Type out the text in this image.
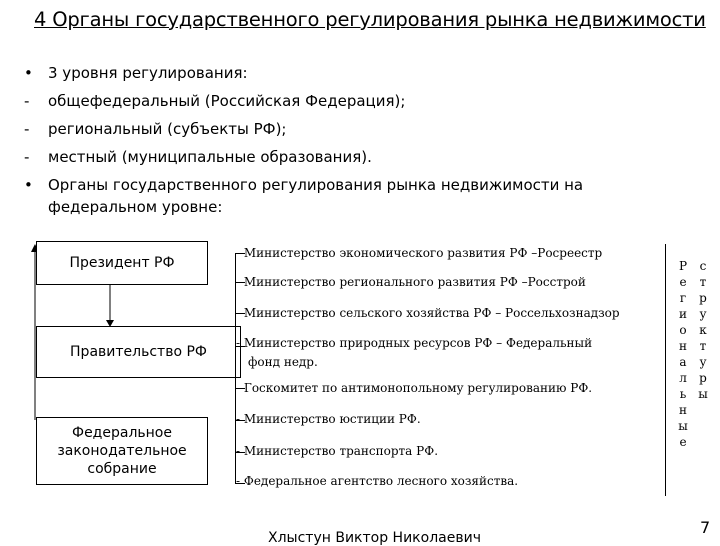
4 Органы государственного регулирования рынка недвижимости
•	3 уровня регулирования:
-	общефедеральный (Российская Федерация);
-	региональный (субъекты РФ);
-	местный (муниципальные образования).
•	Органы государственного регулирования рынка недвижимости на федеральном уровне:
Президент РФ
Правительство РФ
Федеральное законодательное собрание
- Министерство экономического развития РФ –Росреестр
- Министерство регионального развития РФ –Росстрой
- Министерство сельского хозяйства РФ – Россельхознадзор
- Министерство природных ресурсов РФ – Федеральный
фонд недр.
- Госкомитет по антимонопольному регулированию РФ.
- Министерство юстиции РФ.
- Министерство транспорта РФ.
- Федеральное агентство лесного хозяйства.
Р
е
г
и
о
н
а
л
ь
н
ы
е
с
т
р
у
к
т
у
р
ы
Хлыстун Виктор Николаевич
7
